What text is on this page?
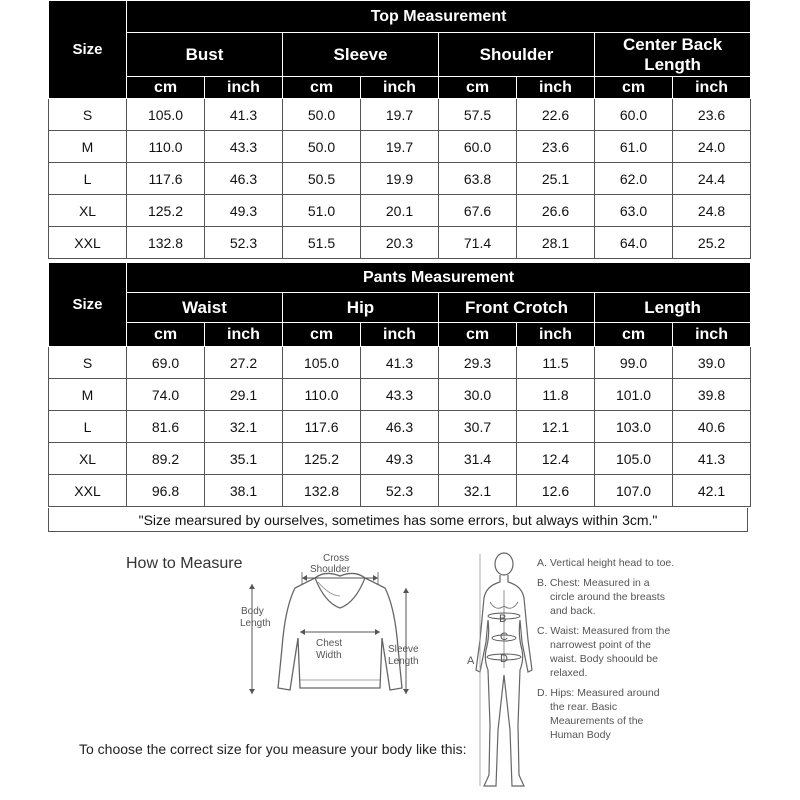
Size	Top Measurement							
	Bust		Sleeve		Shoulder		Center Back Length	
	cm	inch	cm	inch	cm	inch	cm	inch
S	105.0	41.3	50.0	19.7	57.5	22.6	60.0	23.6
M	110.0	43.3	50.0	19.7	60.0	23.6	61.0	24.0
L	117.6	46.3	50.5	19.9	63.8	25.1	62.0	24.4
XL	125.2	49.3	51.0	20.1	67.6	26.6	63.0	24.8
XXL	132.8	52.3	51.5	20.3	71.4	28.1	64.0	25.2
Size	Pants Measurement							
	Waist		Hip		Front Crotch		Length	
	cm	inch	cm	inch	cm	inch	cm	inch
S	69.0	27.2	105.0	41.3	29.3	11.5	99.0	39.0
M	74.0	29.1	110.0	43.3	30.0	11.8	101.0	39.8
L	81.6	32.1	117.6	46.3	30.7	12.1	103.0	40.6
XL	89.2	35.1	125.2	49.3	31.4	12.4	105.0	41.3
XXL	96.8	38.1	132.8	52.3	32.1	12.6	107.0	42.1
"Size mearsured by ourselves, sometimes has some errors, but always within 3cm."
How to Measure	Cross
Shoulder
Body
Length
Chest
Width
Sleeve
Length	A
B
C
D
A. Vertical height head to toe.
B. Chest: Measured in a circle around the breasts and back.
C. Waist: Measured from the narrowest point of the waist. Body shoould be relaxed.
D. Hips: Measured around the rear. Basic Meaurements of the Human Body
To choose the correct size for you measure your body like this:
